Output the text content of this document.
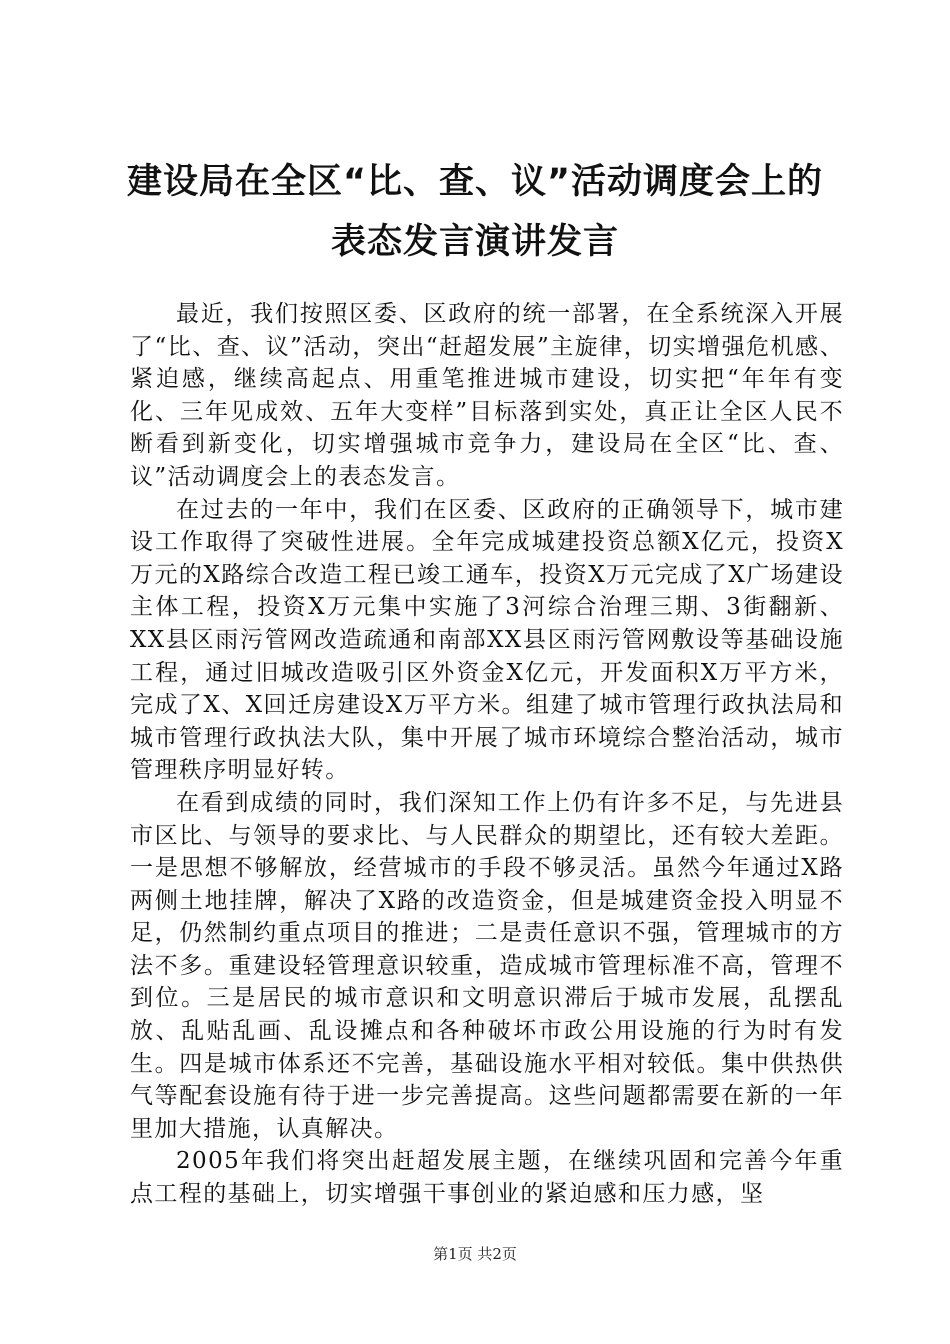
建设局在全区“比、查、议”活动调度会上的
表态发言演讲发言

最近，我们按照区委、区政府的统一部署，在全系统深入开展了“比、查、议”活动，突出“赶超发展”主旋律，切实增强危机感、紧迫感，继续高起点、用重笔推进城市建设，切实把“年年有变化、三年见成效、五年大变样”目标落到实处，真正让全区人民不断看到新变化，切实增强城市竞争力，建设局在全区“比、查、议”活动调度会上的表态发言。

在过去的一年中，我们在区委、区政府的正确领导下，城市建设工作取得了突破性进展。全年完成城建投资总额X亿元，投资X万元的X路综合改造工程已竣工通车，投资X万元完成了X广场建设主体工程，投资X万元集中实施了3河综合治理三期、3街翻新、XX县区雨污管网改造疏通和南部XX县区雨污管网敷设等基础设施工程，通过旧城改造吸引区外资金X亿元，开发面积X万平方米，完成了X、X回迁房建设X万平方米。组建了城市管理行政执法局和城市管理行政执法大队，集中开展了城市环境综合整治活动，城市管理秩序明显好转。

在看到成绩的同时，我们深知工作上仍有许多不足，与先进县市区比、与领导的要求比、与人民群众的期望比，还有较大差距。一是思想不够解放，经营城市的手段不够灵活。虽然今年通过X路两侧土地挂牌，解决了X路的改造资金，但是城建资金投入明显不足，仍然制约重点项目的推进；二是责任意识不强，管理城市的方法不多。重建设轻管理意识较重，造成城市管理标准不高，管理不到位。三是居民的城市意识和文明意识滞后于城市发展，乱摆乱放、乱贴乱画、乱设摊点和各种破坏市政公用设施的行为时有发生。四是城市体系还不完善，基础设施水平相对较低。集中供热供气等配套设施有待于进一步完善提高。这些问题都需要在新的一年里加大措施，认真解决。

2005年我们将突出赶超发展主题，在继续巩固和完善今年重点工程的基础上，切实增强干事创业的紧迫感和压力感，坚

第1页 共2页
